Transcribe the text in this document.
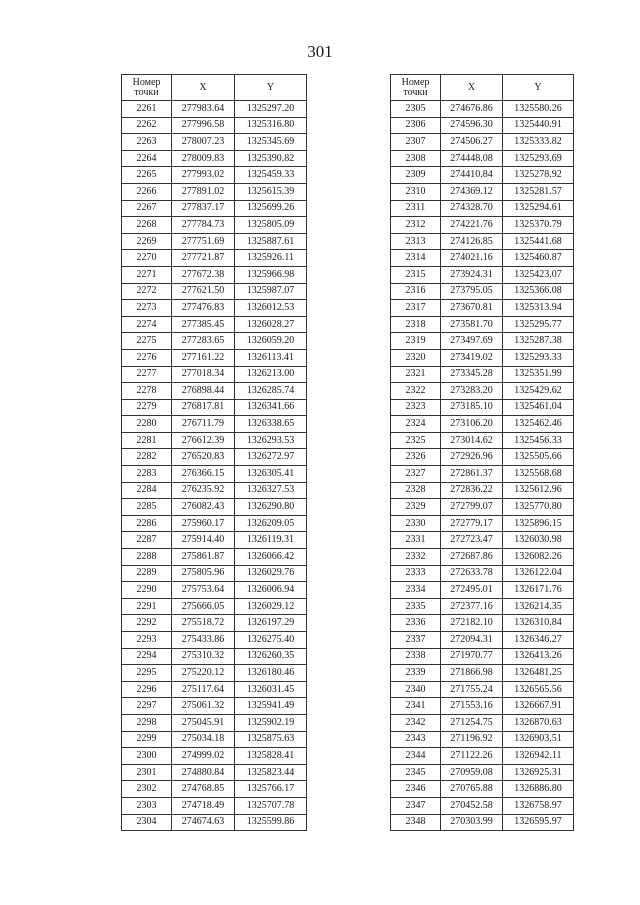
301
Номер
точки	X	Y
2261	277983.64	1325297.20
2262	277996.58	1325316.80
2263	278007.23	1325345.69
2264	278009.83	1325390.82
2265	277993.02	1325459.33
2266	277891.02	1325615.39
2267	277837.17	1325699.26
2268	277784.73	1325805.09
2269	277751.69	1325887.61
2270	277721.87	1325926.11
2271	277672.38	1325966.98
2272	277621.50	1325987.07
2273	277476.83	1326012.53
2274	277385.45	1326028.27
2275	277283.65	1326059.20
2276	277161.22	1326113.41
2277	277018.34	1326213.00
2278	276898.44	1326285.74
2279	276817.81	1326341.66
2280	276711.79	1326338.65
2281	276612.39	1326293.53
2282	276520.83	1326272.97
2283	276366.15	1326305.41
2284	276235.92	1326327.53
2285	276082.43	1326290.80
2286	275960.17	1326209.05
2287	275914.40	1326119.31
2288	275861.87	1326066.42
2289	275805.96	1326029.76
2290	275753.64	1326006.94
2291	275666.05	1326029.12
2292	275518.72	1326197.29
2293	275433.86	1326275.40
2294	275310.32	1326260.35
2295	275220.12	1326180.46
2296	275117.64	1326031.45
2297	275061.32	1325941.49
2298	275045.91	1325902.19
2299	275034.18	1325875.63
2300	274999.02	1325828.41
2301	274880.84	1325823.44
2302	274768.85	1325766.17
2303	274718.49	1325707.78
2304	274674.63	1325599.86
Номер
точки	X	Y
2305	274676.86	1325580.26
2306	274596.30	1325440.91
2307	274506.27	1325333.82
2308	274448.08	1325293.69
2309	274410.84	1325278.92
2310	274369.12	1325281.57
2311	274328.70	1325294.61
2312	274221.76	1325370.79
2313	274126.85	1325441.68
2314	274021.16	1325460.87
2315	273924.31	1325423.07
2316	273795.05	1325366.08
2317	273670.81	1325313.94
2318	273581.70	1325295.77
2319	273497.69	1325287.38
2320	273419.02	1325293.33
2321	273345.28	1325351.99
2322	273283.20	1325429.62
2323	273185.10	1325461.04
2324	273106.20	1325462.46
2325	273014.62	1325456.33
2326	272926.96	1325505.66
2327	272861.37	1325568.68
2328	272836.22	1325612.96
2329	272799.07	1325770.80
2330	272779.17	1325896.15
2331	272723.47	1326030.98
2332	272687.86	1326082.26
2333	272633.78	1326122.04
2334	272495.01	1326171.76
2335	272377.16	1326214.35
2336	272182.10	1326310.84
2337	272094.31	1326346.27
2338	271970.77	1326413.26
2339	271866.98	1326481.25
2340	271755.24	1326565.56
2341	271553.16	1326667.91
2342	271254.75	1326870.63
2343	271196.92	1326903.51
2344	271122.26	1326942.11
2345	270959.08	1326925.31
2346	270765.88	1326886.80
2347	270452.58	1326758.97
2348	270303.99	1326595.97
